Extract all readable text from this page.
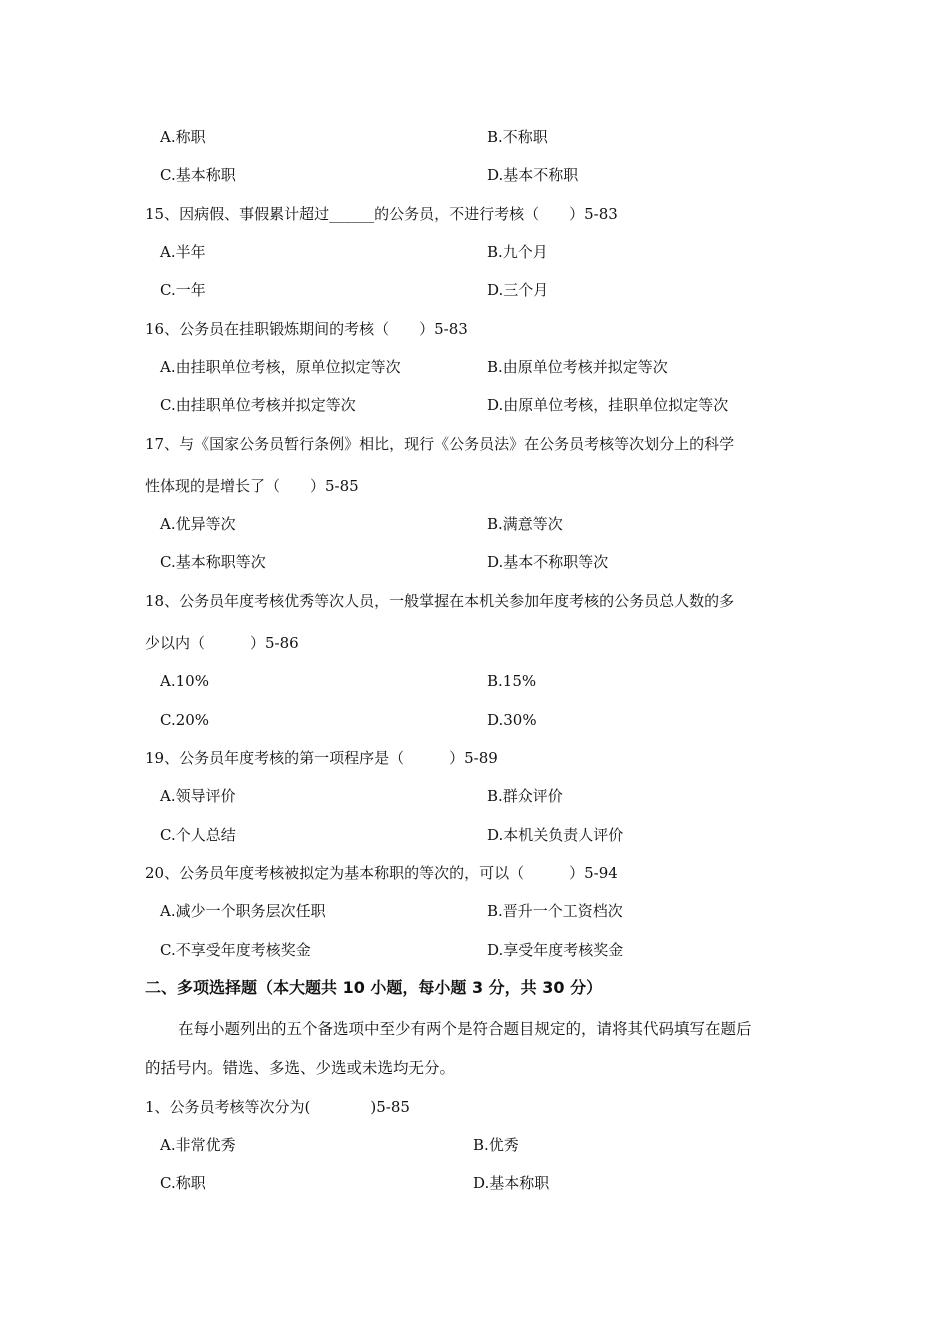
A.称职	B.不称职
C.基本称职	D.基本不称职
15、因病假、事假累计超过______的公务员，不进行考核（　　）5-83
A.半年	B.九个月
C.一年	D.三个月
16、公务员在挂职锻炼期间的考核（　　）5-83
A.由挂职单位考核，原单位拟定等次	B.由原单位考核并拟定等次
C.由挂职单位考核并拟定等次	D.由原单位考核，挂职单位拟定等次
17、与《国家公务员暂行条例》相比，现行《公务员法》在公务员考核等次划分上的科学
性体现的是增长了（　　）5-85
A.优异等次	B.满意等次
C.基本称职等次	D.基本不称职等次
18、公务员年度考核优秀等次人员，一般掌握在本机关参加年度考核的公务员总人数的多
少以内（　　　）5-86
A.10%	B.15%
C.20%	D.30%
19、公务员年度考核的第一项程序是（　　　）5-89
A.领导评价	B.群众评价
C.个人总结	D.本机关负责人评价
20、公务员年度考核被拟定为基本称职的等次的，可以（　　　）5-94
A.减少一个职务层次任职	B.晋升一个工资档次
C.不享受年度考核奖金	D.享受年度考核奖金
二、多项选择题（本大题共 10 小题，每小题 3 分，共 30 分）
在每小题列出的五个备选项中至少有两个是符合题目规定的，请将其代码填写在题后
的括号内。错选、多选、少选或未选均无分。
1、公务员考核等次分为(　　　　)5-85
A.非常优秀	B.优秀
C.称职	D.基本称职
